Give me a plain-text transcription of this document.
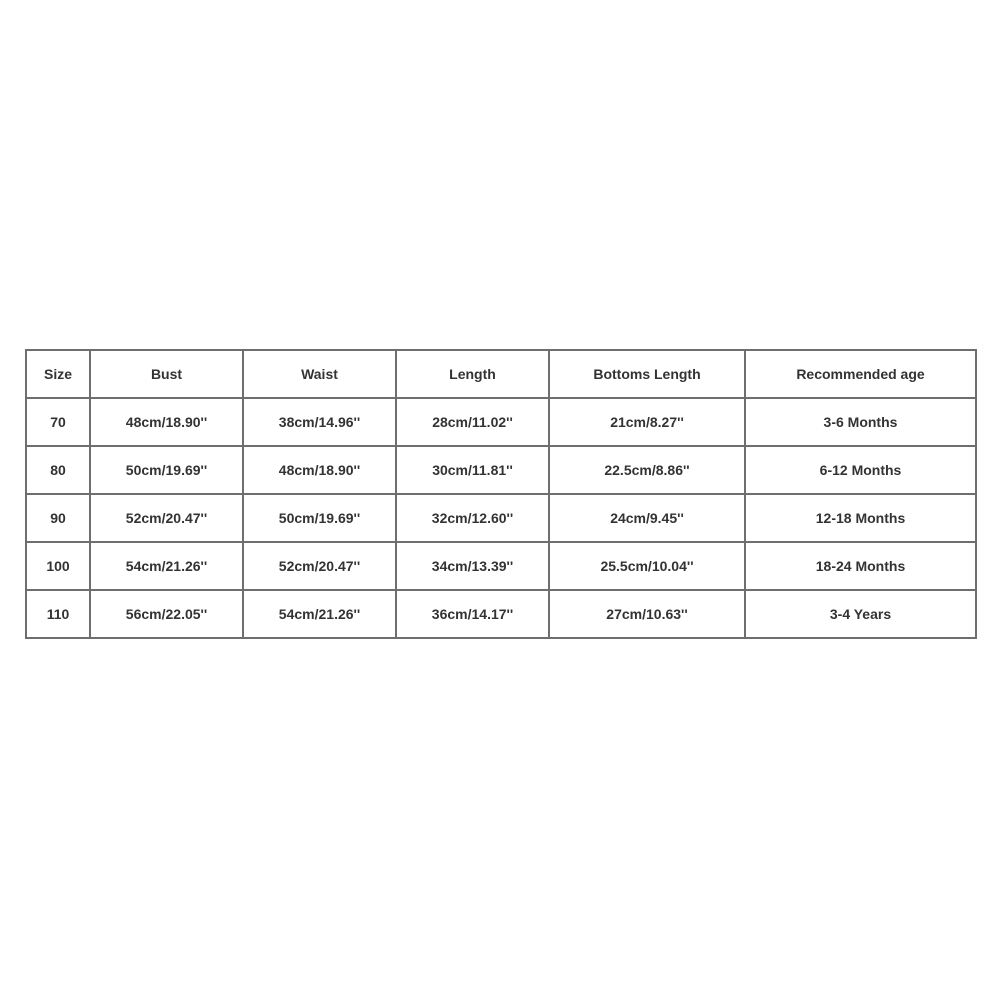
Size	Bust	Waist	Length	Bottoms Length	Recommended age
70	48cm/18.90''	38cm/14.96''	28cm/11.02''	21cm/8.27''	3-6 Months
80	50cm/19.69''	48cm/18.90''	30cm/11.81''	22.5cm/8.86''	6-12 Months
90	52cm/20.47''	50cm/19.69''	32cm/12.60''	24cm/9.45''	12-18 Months
100	54cm/21.26''	52cm/20.47''	34cm/13.39''	25.5cm/10.04''	18-24 Months
110	56cm/22.05''	54cm/21.26''	36cm/14.17''	27cm/10.63''	3-4 Years
